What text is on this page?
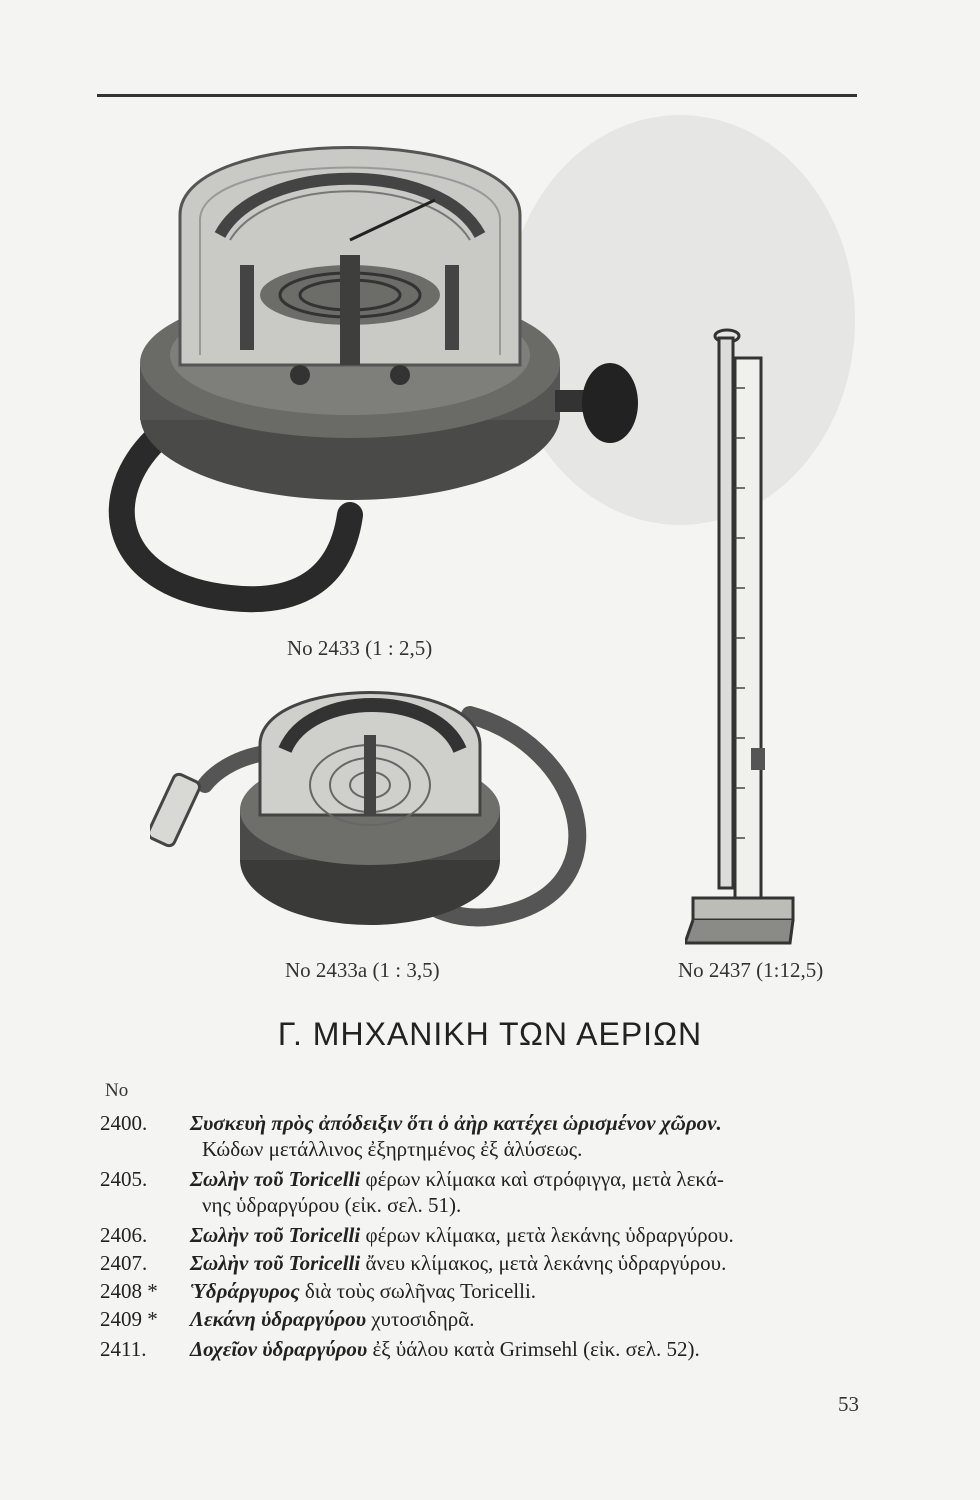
No 2433 (1 : 2,5)
No 2433a (1 : 3,5)	No 2437 (1:12,5)
Γ. ΜΗΧΑΝΙΚΗ ΤΩΝ ΑΕΡΙΩΝ
No
2400.	Συσκευὴ πρὸς ἀπόδειξιν ὅτι ὁ ἀὴρ κατέχει ὡρισμένον χῶρον.
Κώδων μετάλλινος ἐξηρτημένος ἐξ ἁλύσεως.
2405.	Σωλὴν τοῦ Toricelli φέρων κλίμακα καὶ στρόφιγγα, μετὰ λεκά-
νης ὑδραργύρου (εἰκ. σελ. 51).
2406.	Σωλὴν τοῦ Toricelli φέρων κλίμακα, μετὰ λεκάνης ὑδραργύρου.
2407.	Σωλὴν τοῦ Toricelli ἄνευ κλίμακος, μετὰ λεκάνης ὑδραργύρου.
2408 *	Ὑδράργυρος διὰ τοὺς σωλῆνας Toricelli.
2409 *	Λεκάνη ὑδραργύρου χυτοσιδηρᾶ.
2411.	Δοχεῖον ὑδραργύρου ἐξ ὑάλου κατὰ Grimsehl (εἰκ. σελ. 52).
53
